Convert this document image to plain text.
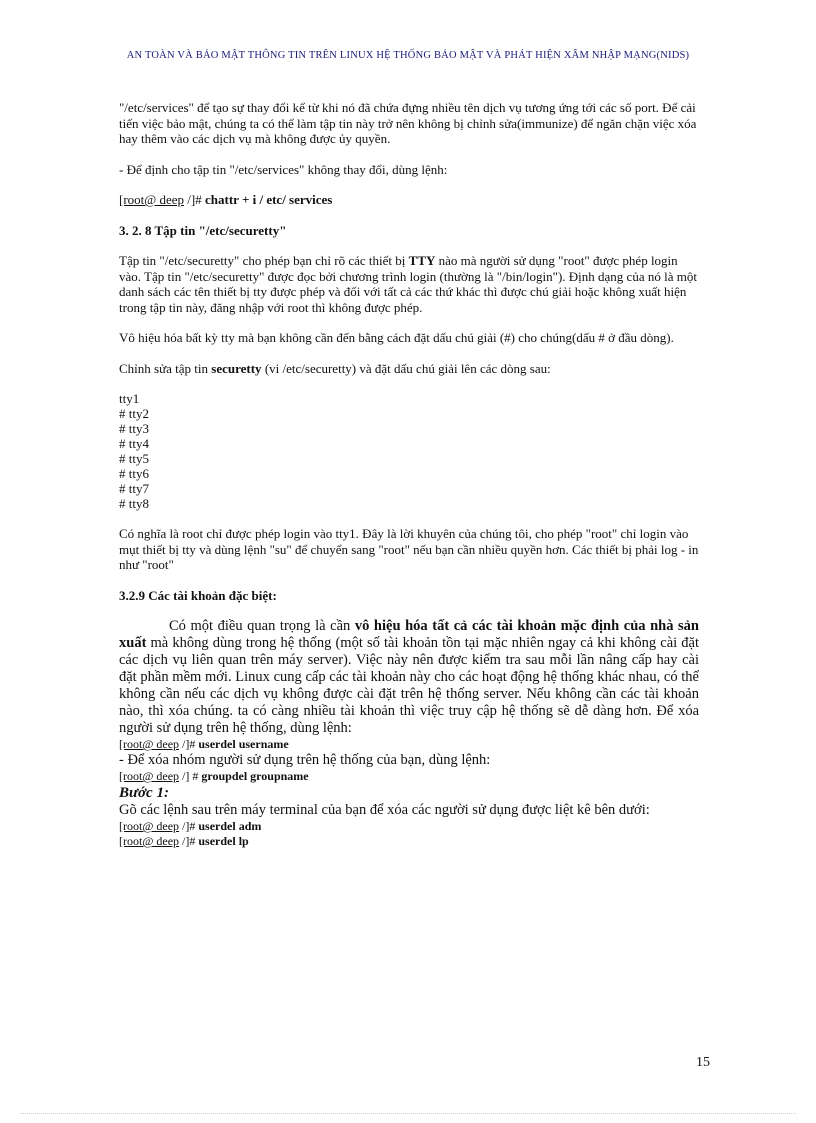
AN TOÀN VÀ BẢO MẬT THÔNG TIN TRÊN LINUX HỆ THỐNG BẢO MẬT VÀ PHÁT HIỆN XÂM NHẬP MẠNG(NIDS)

"/etc/services" để tạo sự thay đổi kể từ khi nó đã chứa đựng nhiều tên dịch vụ tương ứng tới các số port. Để cải tiến việc bảo mật, chúng ta có thể làm tập tin này trở nên không bị chỉnh sửa(immunize) để ngăn chặn việc xóa hay thêm vào các dịch vụ mà không được ủy quyền.

- Để định cho tập tin "/etc/services" không thay đổi, dùng lệnh:

[root@ deep /]# chattr + i / etc/ services

3. 2. 8 Tập tin "/etc/securetty"

Tập tin "/etc/securetty" cho phép bạn chỉ rõ các thiết bị TTY nào mà người sử dụng "root" được phép login vào. Tập tin "/etc/securetty" được đọc bởi chương trình login (thường là "/bin/login"). Định dạng của nó là một danh sách các tên thiết bị tty được phép và đối với tất cả các thứ khác thì được chú giải hoặc không xuất hiện trong tập tin này, đăng nhập với root thì không được phép.

Vô hiệu hóa bất kỳ tty mà bạn không cần đến bằng cách đặt dấu chú giải (#) cho chúng(dấu # ở đầu dòng).

Chỉnh sửa tập tin securetty (vi /etc/securetty) và đặt dấu chú giải lên các dòng sau:

tty1

# tty2

# tty3

# tty4

# tty5

# tty6

# tty7

# tty8

Có nghĩa là root chỉ được phép login vào tty1. Đây là lời khuyên của chúng tôi, cho phép "root" chỉ login vào mụt thiết bị tty và dùng lệnh "su" để chuyển sang "root" nếu bạn cần nhiều quyền hơn. Các thiết bị phải log - in như "root"

3.2.9 Các tài khoản đặc biệt:

Có một điều quan trọng là cần vô hiệu hóa tất cả các tài khoản mặc định của nhà sản xuất mà không dùng trong hệ thống (một số tài khoản tồn tại mặc nhiên ngay cả khi không cài đặt các dịch vụ liên quan trên máy server). Việc này nên được kiểm tra sau mỗi lần nâng cấp hay cài đặt phần mềm mới. Linux cung cấp các tài khoản này cho các hoạt động hệ thống khác nhau, có thể không cần nếu các dịch vụ không được cài đặt trên hệ thống server. Nếu không cần các tài khoản nào, thì xóa chúng. ta có càng nhiều tài khoản thì việc truy cập hệ thống sẽ dễ dàng hơn. Để xóa người sử dụng trên hệ thống, dùng lệnh:

[root@ deep /]# userdel username

- Để xóa nhóm người sử dụng trên hệ thống của bạn, dùng lệnh:

[root@ deep /] # groupdel groupname

Bước 1:

Gõ các lệnh sau trên máy terminal của bạn để xóa các người sử dụng được liệt kê bên dưới:

[root@ deep /]# userdel adm

[root@ deep /]# userdel lp

15
